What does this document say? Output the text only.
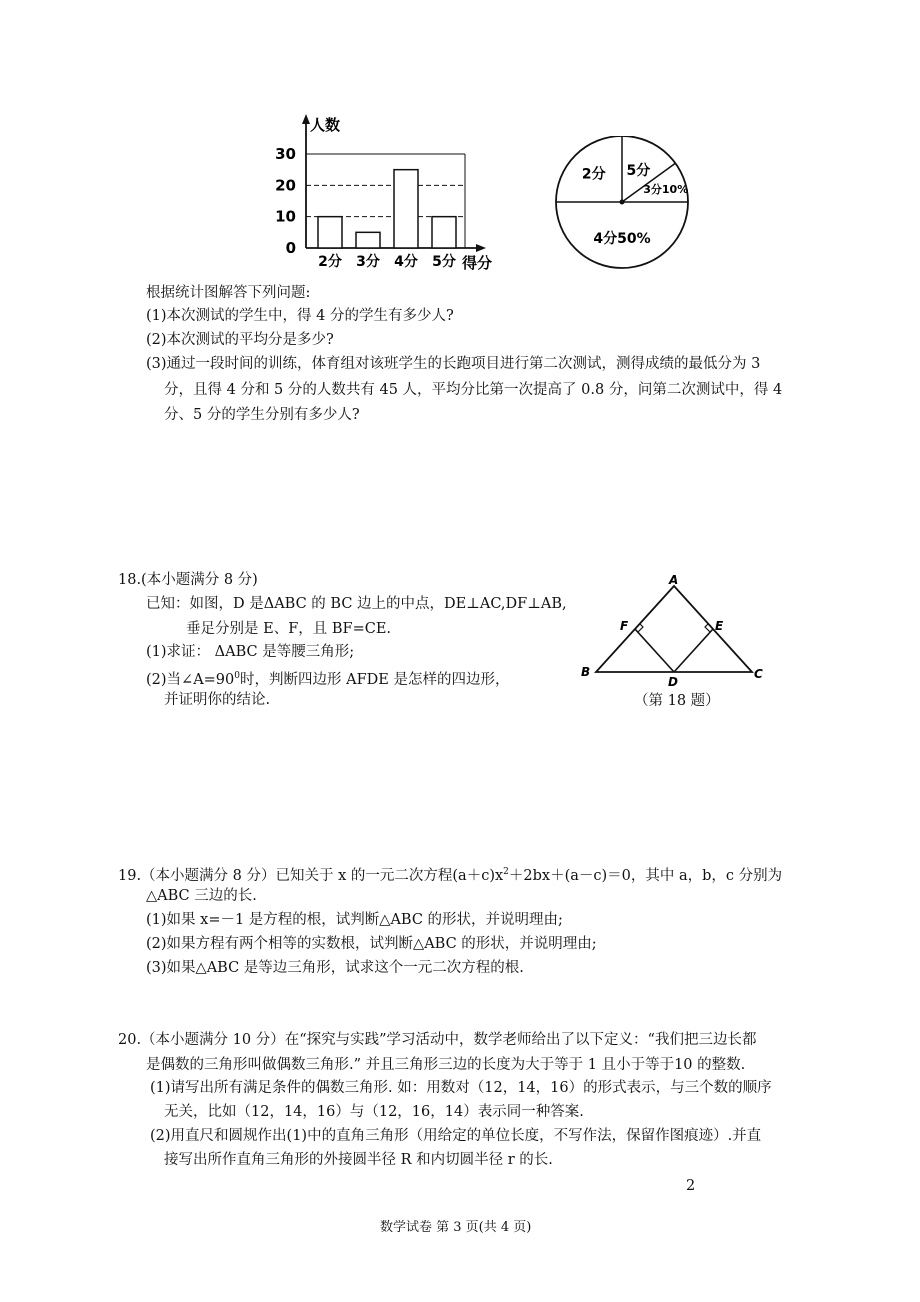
人数
得分
0
10
20
30
2分 3分 4分 5分
5分
3分10%
4分50%
2分
根据统计图解答下列问题:
(1)本次测试的学生中，得 4 分的学生有多少人?
(2)本次测试的平均分是多少?
(3)通过一段时间的训练，体育组对该班学生的长跑项目进行第二次测试，测得成绩的最低分为 3
分，且得 4 分和 5 分的人数共有 45 人，平均分比第一次提高了 0.8 分，问第二次测试中，得 4
分、5 分的学生分别有多少人?
18.(本小题满分 8 分)
已知：如图，D 是ΔABC 的 BC 边上的中点，DE⊥AC,DF⊥AB,
垂足分别是 E、F，且 BF=CE.
(1)求证： ΔABC 是等腰三角形;
(2)当$\angle A=90^0$时，判断四边形 AFDE 是怎样的四边形，
并证明你的结论.
A
B	C
D
E
F
（第 18 题）
19.（本小题满分 8 分）已知关于 x 的一元二次方程$(a+c)x^2+2bx+(a-c)=0$，其中 a，b，c 分别为
△ABC 三边的长.
(1)如果 x=－1 是方程的根，试判断△ABC 的形状，并说明理由;
(2)如果方程有两个相等的实数根，试判断△ABC 的形状，并说明理由;
(3)如果△ABC 是等边三角形，试求这个一元二次方程的根.
20.（本小题满分 10 分）在“探究与实践”学习活动中，数学老师给出了以下定义：“我们把三边长都
是偶数的三角形叫做偶数三角形.” 并且三角形三边的长度为大于等于 1 且小于等于10 的整数.
(1)请写出所有满足条件的偶数三角形. 如：用数对（12，14，16）的形式表示，与三个数的顺序
无关，比如（12，14，16）与（12，16，14）表示同一种答案.
(2)用直尺和圆规作出(1)中的直角三角形（用给定的单位长度，不写作法，保留作图痕迹）.并直
接写出所作直角三角形的外接圆半径 R 和内切圆半径 r 的长.
2
数学试卷 第 3 页(共 4 页)
